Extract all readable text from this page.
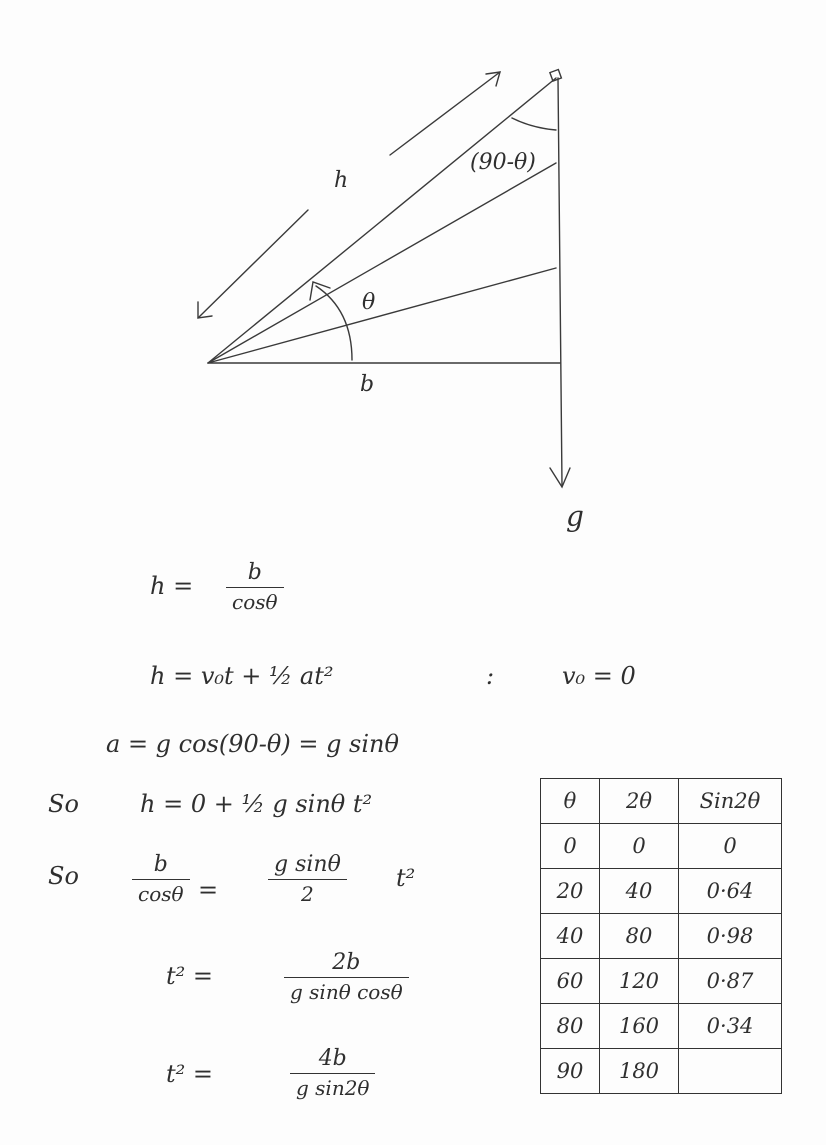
(90-θ)
h
θ
b
g
h = b
cosθ
h = v₀t + ½ at²	:	v₀ = 0
a = g cos(90-θ) = g sinθ
So	h = 0 + ½ g sinθ t²
So	b
cosθ =
g sinθ
2
t²
t² =	2b
g sinθ cosθ
t² =
4b
g sin2θ
θ	2θ	Sin2θ
0	0	0
20	40	0·64
40	80	0·98
60	120	0·87
80	160	0·34
90	180	
